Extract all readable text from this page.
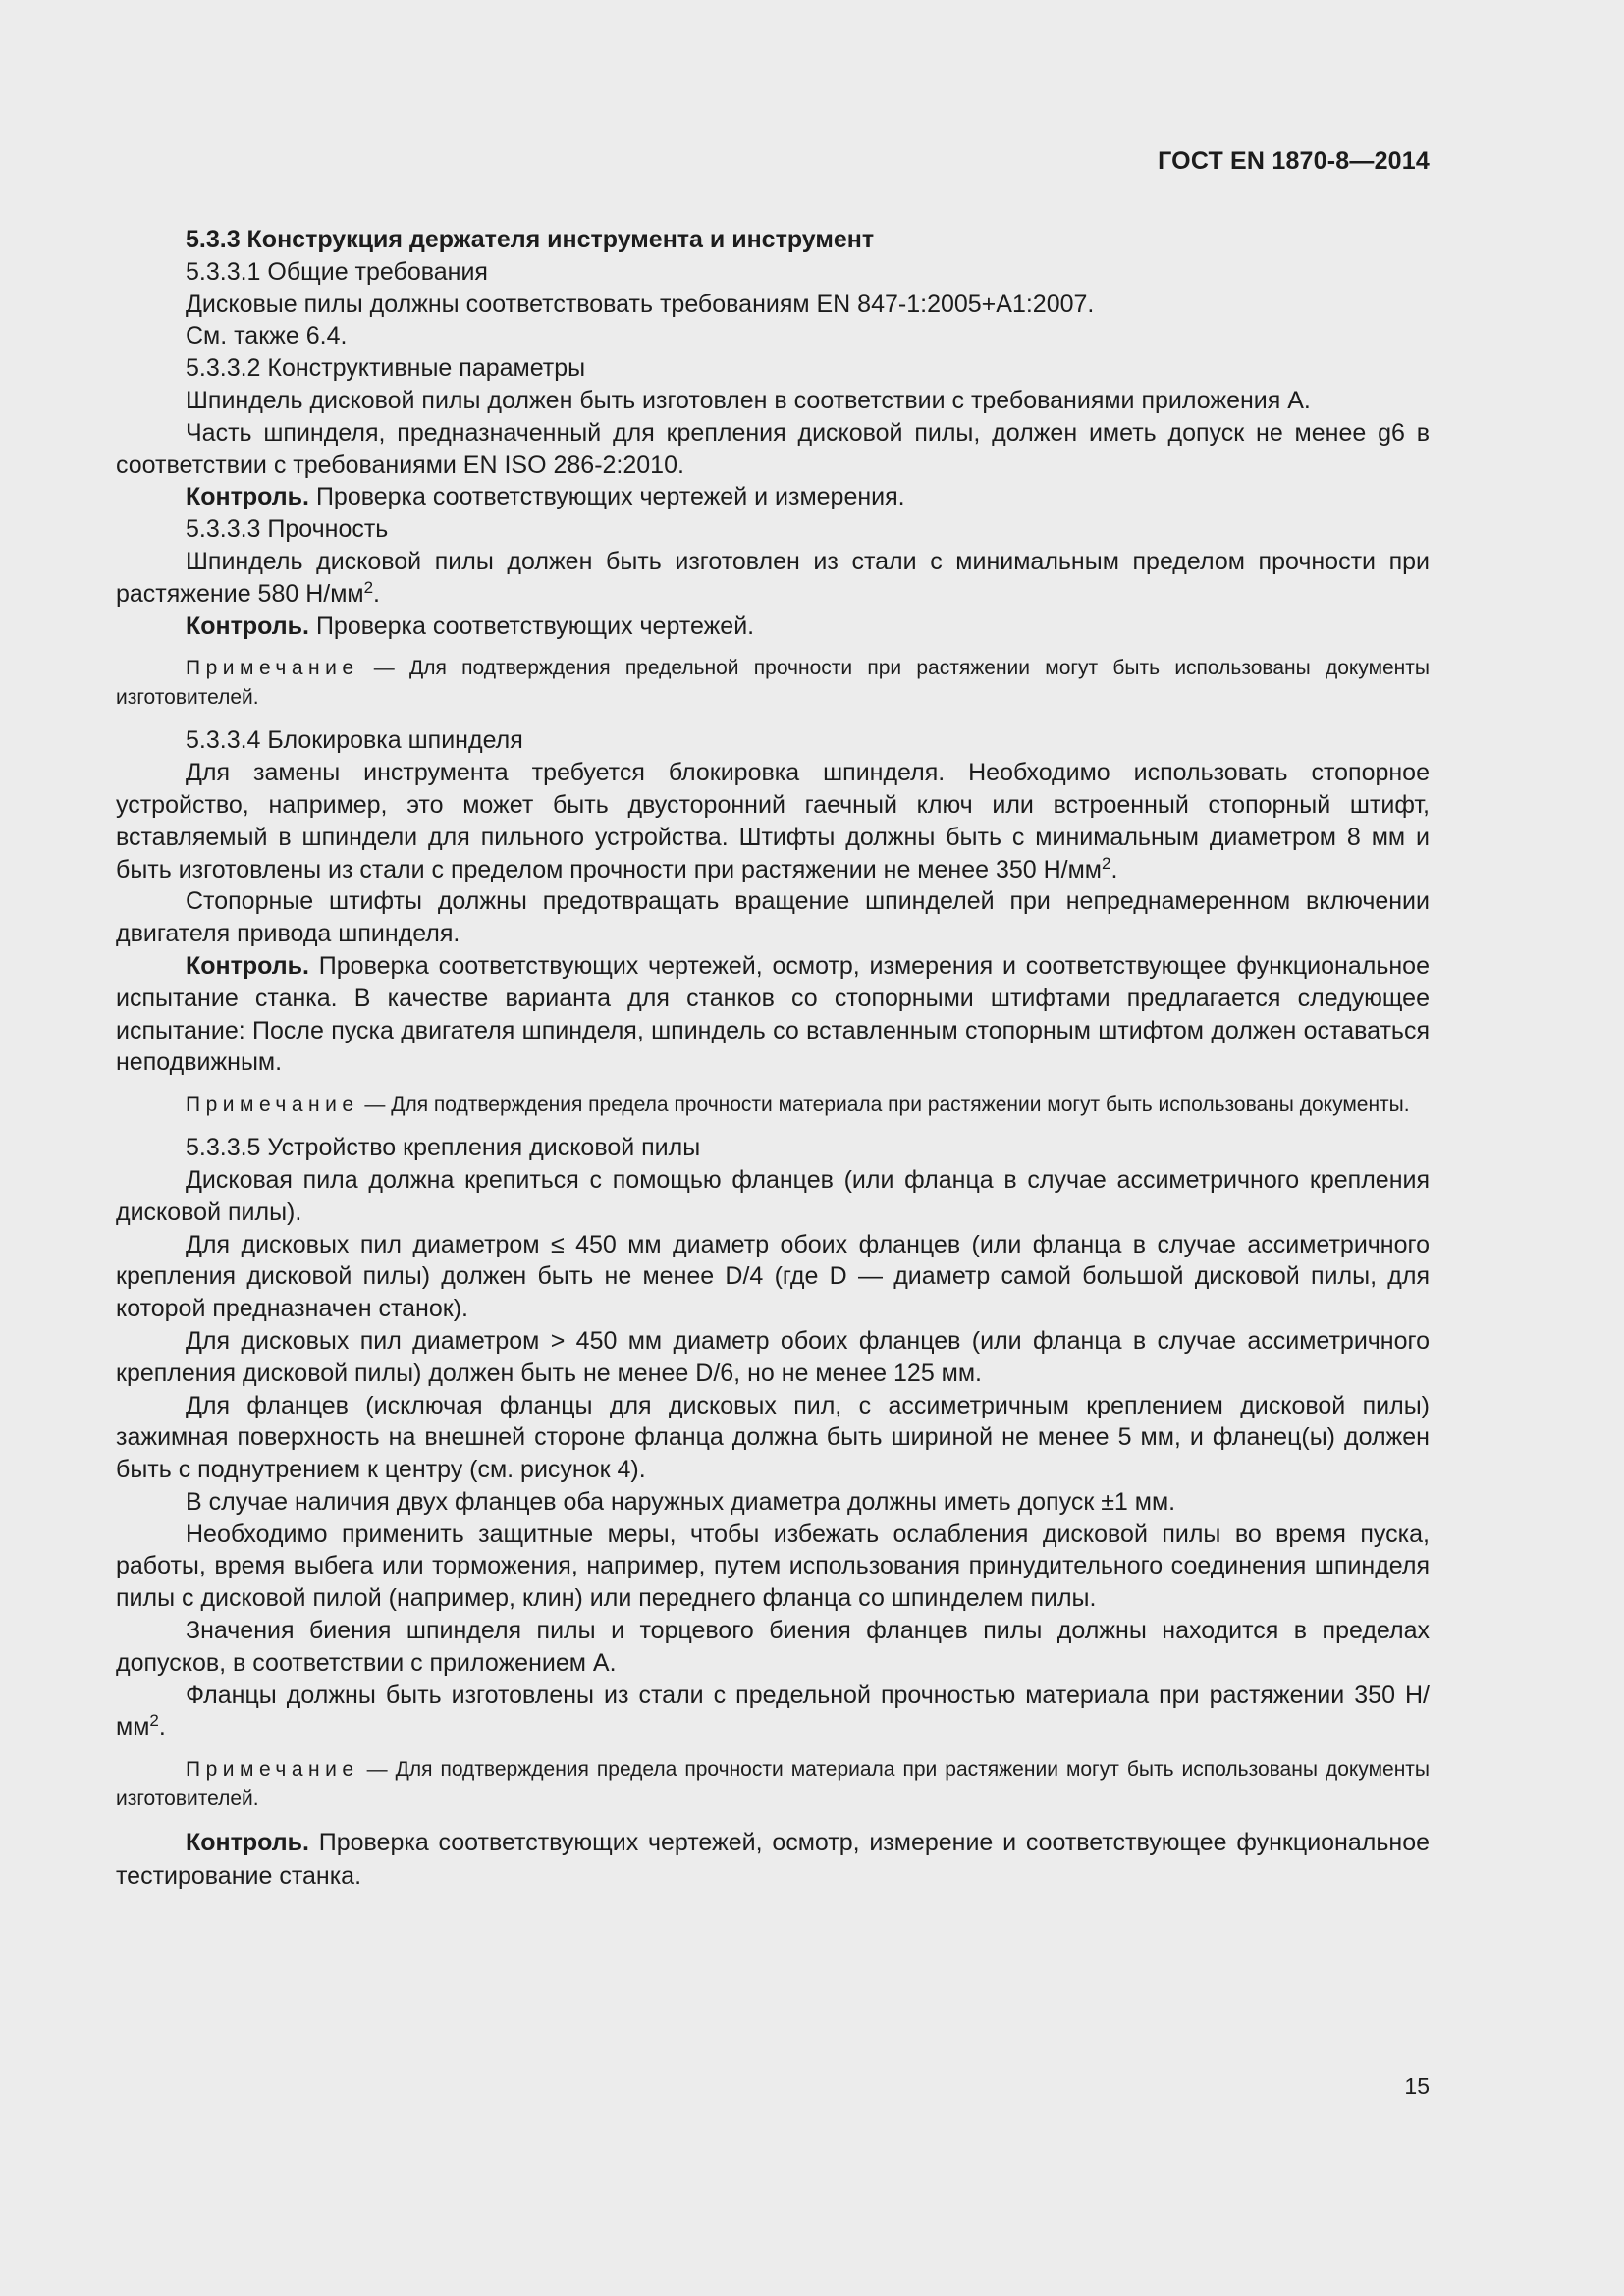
ГОСТ EN 1870-8—2014

5.3.3 Конструкция держателя инструмента и инструмент

5.3.3.1 Общие требования

Дисковые пилы должны соответствовать требованиям EN 847-1:2005+A1:2007.

См. также 6.4.

5.3.3.2 Конструктивные параметры

Шпиндель дисковой пилы должен быть изготовлен в соответствии с требованиями приложения А.

Часть шпинделя, предназначенный для крепления дисковой пилы, должен иметь допуск не менее g6 в соответствии с требованиями EN ISO 286-2:2010.

Контроль. Проверка соответствующих чертежей и измерения.

5.3.3.3 Прочность

Шпиндель дисковой пилы должен быть изготовлен из стали с минимальным пределом прочности при растяжение 580 $Н/мм^2$.

Контроль. Проверка соответствующих чертежей.

Примечание — Для подтверждения предельной прочности при растяжении могут быть использованы документы изготовителей.

5.3.3.4 Блокировка шпинделя

Для замены инструмента требуется блокировка шпинделя. Необходимо использовать стопорное устройство, например, это может быть двусторонний гаечный ключ или встроенный стопорный штифт, вставляемый в шпиндели для пильного устройства. Штифты должны быть с минимальным диаметром 8 мм и быть изготовлены из стали с пределом прочности при растяжении не менее 350 $Н/мм^2$.

Стопорные штифты должны предотвращать вращение шпинделей при непреднамеренном включении двигателя привода шпинделя.

Контроль. Проверка соответствующих чертежей, осмотр, измерения и соответствующее функциональное испытание станка. В качестве варианта для станков со стопорными штифтами предлагается следующее испытание: После пуска двигателя шпинделя, шпиндель со вставленным стопорным штифтом должен оставаться неподвижным.

Примечание — Для подтверждения предела прочности материала при растяжении могут быть использованы документы.

5.3.3.5 Устройство крепления дисковой пилы

Дисковая пила должна крепиться с помощью фланцев (или фланца в случае ассиметричного крепления дисковой пилы).

Для дисковых пил диаметром ≤ 450 мм диаметр обоих фланцев (или фланца в случае ассиметричного крепления дисковой пилы) должен быть не менее D/4 (где D — диаметр самой большой дисковой пилы, для которой предназначен станок).

Для дисковых пил диаметром > 450 мм диаметр обоих фланцев (или фланца в случае ассиметричного крепления дисковой пилы) должен быть не менее D/6, но не менее 125 мм.

Для фланцев (исключая фланцы для дисковых пил, с ассиметричным креплением дисковой пилы) зажимная поверхность на внешней стороне фланца должна быть шириной не менее 5 мм, и фланец(ы) должен быть с поднутрением к центру (см. рисунок 4).

В случае наличия двух фланцев оба наружных диаметра должны иметь допуск ±1 мм.

Необходимо применить защитные меры, чтобы избежать ослабления дисковой пилы во время пуска, работы, время выбега или торможения, например, путем использования принудительного соединения шпинделя пилы с дисковой пилой (например, клин) или переднего фланца со шпинделем пилы.

Значения биения шпинделя пилы и торцевого биения фланцев пилы должны находится в пределах допусков, в соответствии с приложением А.

Фланцы должны быть изготовлены из стали с предельной прочностью материала при растяжении 350 $Н/мм^2$.

Примечание — Для подтверждения предела прочности материала при растяжении могут быть использованы документы изготовителей.

Контроль. Проверка соответствующих чертежей, осмотр, измерение и соответствующее функциональное тестирование станка.

15
